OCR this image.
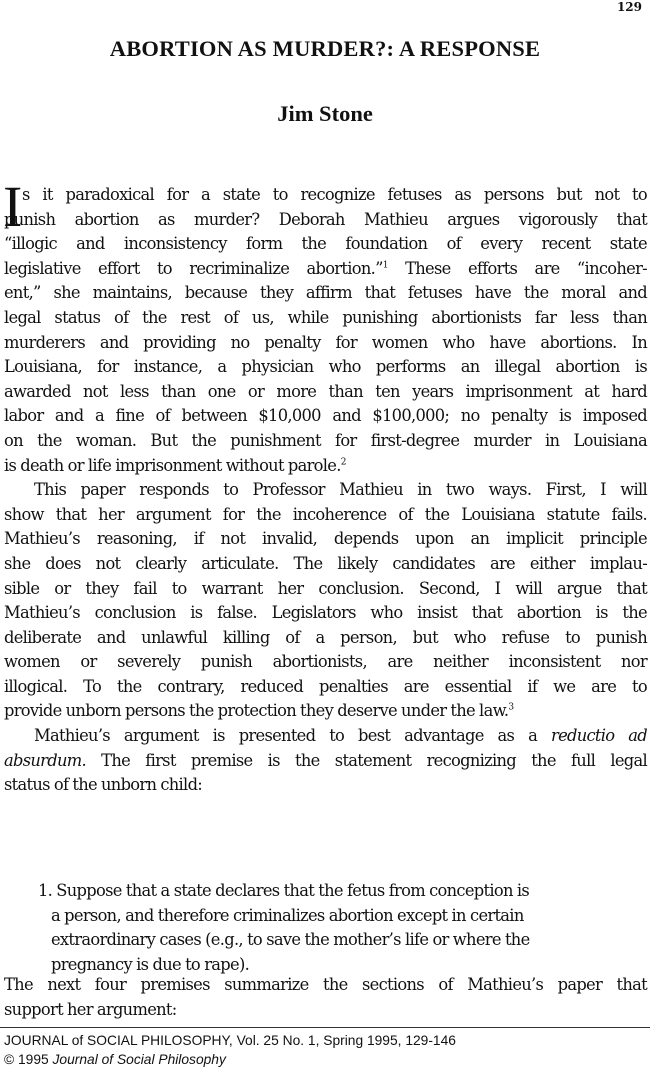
129
ABORTION AS MURDER?: A RESPONSE
Jim Stone
I s it paradoxical for a state to recognize fetuses as persons but not to
punish abortion as murder? Deborah Mathieu argues vigorously that
“illogic and inconsistency form the foundation of every recent state
legislative effort to recriminalize abortion.”$^1$ These efforts are “incoher-
ent,” she maintains, because they affirm that fetuses have the moral and
legal status of the rest of us, while punishing abortionists far less than
murderers and providing no penalty for women who have abortions. In
Louisiana, for instance, a physician who performs an illegal abortion is
awarded not less than one or more than ten years imprisonment at hard
labor and a fine of between $10,000 and $100,000; no penalty is imposed
on the woman. But the punishment for first-degree murder in Louisiana
is death or life imprisonment without parole.$^2$
This paper responds to Professor Mathieu in two ways. First, I will
show that her argument for the incoherence of the Louisiana statute fails.
Mathieu’s reasoning, if not invalid, depends upon an implicit principle
she does not clearly articulate. The likely candidates are either implau-
sible or they fail to warrant her conclusion. Second, I will argue that
Mathieu’s conclusion is false. Legislators who insist that abortion is the
deliberate and unlawful killing of a person, but who refuse to punish
women or severely punish abortionists, are neither inconsistent nor
illogical. To the contrary, reduced penalties are essential if we are to
provide unborn persons the protection they deserve under the law.$^3$
Mathieu’s argument is presented to best advantage as a reductio ad
absurdum. The first premise is the statement recognizing the full legal
status of the unborn child:
1. Suppose that a state declares that the fetus from conception is
a person, and therefore criminalizes abortion except in certain
extraordinary cases (e.g., to save the mother’s life or where the
pregnancy is due to rape).
The next four premises summarize the sections of Mathieu’s paper that
support her argument:
JOURNAL of SOCIAL PHILOSOPHY, Vol. 25 No. 1, Spring 1995, 129-146
© 1995 Journal of Social Philosophy
